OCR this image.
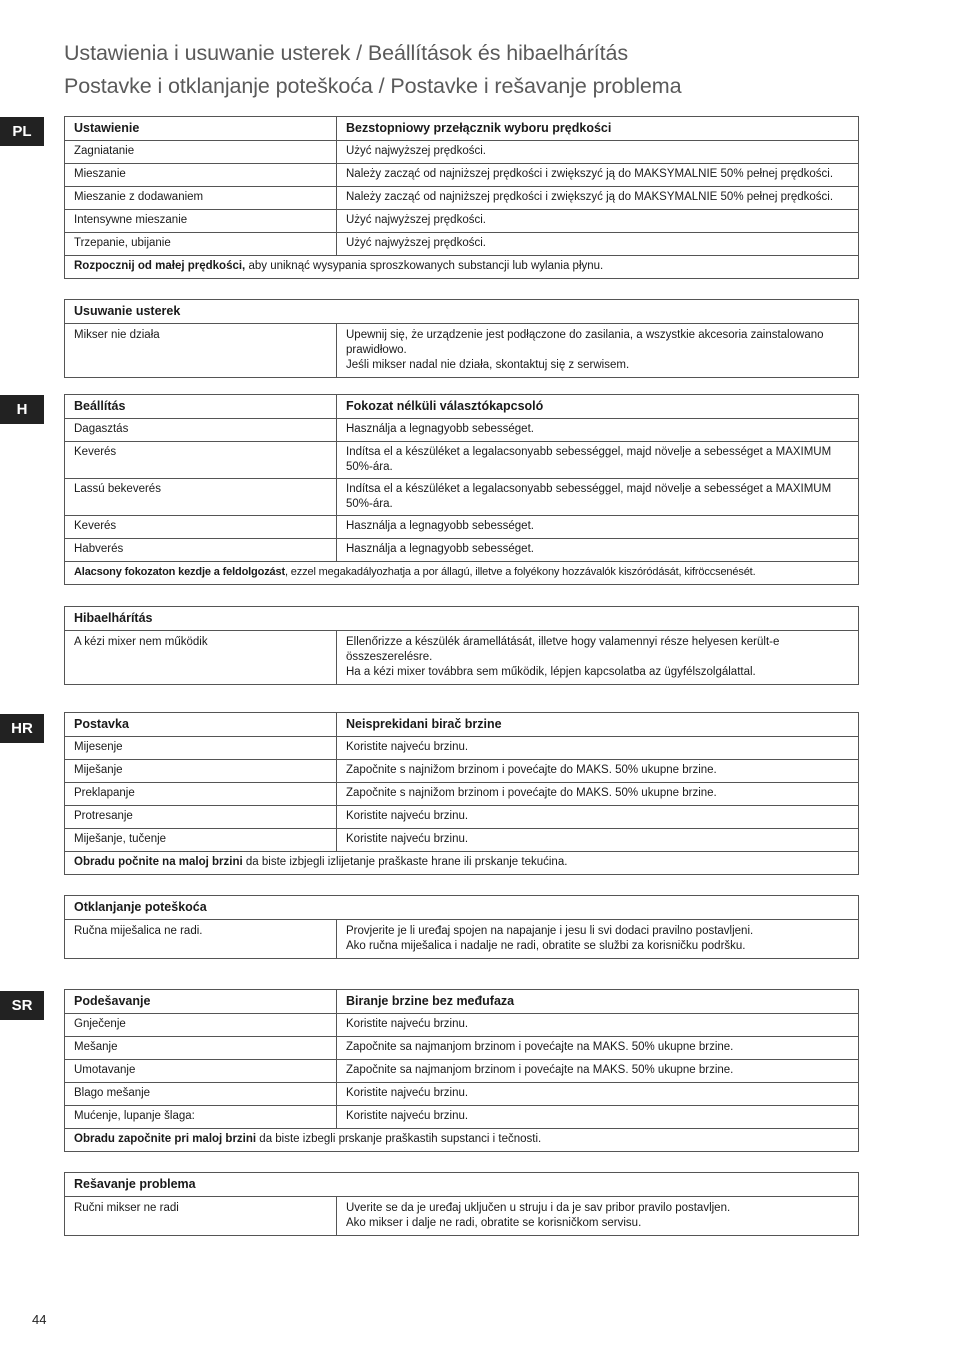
Ustawienia i usuwanie usterek / Beállítások és hibaelhárítás
Postavke i otklanjanje poteškoća / Postavke i rešavanje problema
PL	Ustawienie	Bezstopniowy przełącznik wyboru prędkości
Zagniatanie	Użyć najwyższej prędkości.
Mieszanie	Należy zacząć od najniższej prędkości i zwiększyć ją do MAKSYMALNIE 50% pełnej prędkości.
Mieszanie z dodawaniem	Należy zacząć od najniższej prędkości i zwiększyć ją do MAKSYMALNIE 50% pełnej prędkości.
Intensywne mieszanie	Użyć najwyższej prędkości.
Trzepanie, ubijanie	Użyć najwyższej prędkości.
Rozpocznij od małej prędkości, aby uniknąć wysypania sproszkowanych substancji lub wylania płynu.	
Usuwanie usterek
Mikser nie działa	Upewnij się, że urządzenie jest podłączone do zasilania, a wszystkie akcesoria zainstalowano prawidłowo.
Jeśli mikser nadal nie działa, skontaktuj się z serwisem.
H	Beállítás	Fokozat nélküli választókapcsoló
Dagasztás	Használja a legnagyobb sebességet.
Keverés	Indítsa el a készüléket a legalacsonyabb sebességgel, majd növelje a sebességet a MAXIMUM 50%-ára.
Lassú bekeverés	Indítsa el a készüléket a legalacsonyabb sebességgel, majd növelje a sebességet a MAXIMUM 50%-ára.
Keverés	Használja a legnagyobb sebességet.
Habverés	Használja a legnagyobb sebességet.
Alacsony fokozaton kezdje a feldolgozást, ezzel megakadályozhatja a por állagú, illetve a folyékony hozzávalók kiszóródását, kifröccsenését.	
Hibaelhárítás
A kézi mixer nem működik	Ellenőrizze a készülék áramellátását, illetve hogy valamennyi része helyesen került-e összeszerelésre.
Ha a kézi mixer továbbra sem működik, lépjen kapcsolatba az ügyfélszolgálattal.
HR	Postavka	Neisprekidani birač brzine
Mijesenje	Koristite najveću brzinu.
Miješanje	Započnite s najnižom brzinom i povećajte do MAKS. 50% ukupne brzine.
Preklapanje	Započnite s najnižom brzinom i povećajte do MAKS. 50% ukupne brzine.
Protresanje	Koristite najveću brzinu.
Miješanje, tučenje	Koristite najveću brzinu.
Obradu počnite na maloj brzini da biste izbjegli izlijetanje praškaste hrane ili prskanje tekućina.	
Otklanjanje poteškoća
Ručna miješalica ne radi.	Provjerite je li uređaj spojen na napajanje i jesu li svi dodaci pravilno postavljeni.
Ako ručna miješalica i nadalje ne radi, obratite se službi za korisničku podršku.
SR	Podešavanje	Biranje brzine bez međufaza
Gnječenje	Koristite najveću brzinu.
Mešanje	Započnite sa najmanjom brzinom i povećajte na MAKS. 50% ukupne brzine.
Umotavanje	Započnite sa najmanjom brzinom i povećajte na MAKS. 50% ukupne brzine.
Blago mešanje	Koristite najveću brzinu.
Mućenje, lupanje šlaga:	Koristite najveću brzinu.
Obradu započnite pri maloj brzini da biste izbegli prskanje praškastih supstanci i tečnosti.	
Rešavanje problema
Ručni mikser ne radi	Uverite se da je uređaj uključen u struju i da je sav pribor pravilo postavljen.
Ako mikser i dalje ne radi, obratite se korisničkom servisu.
44
